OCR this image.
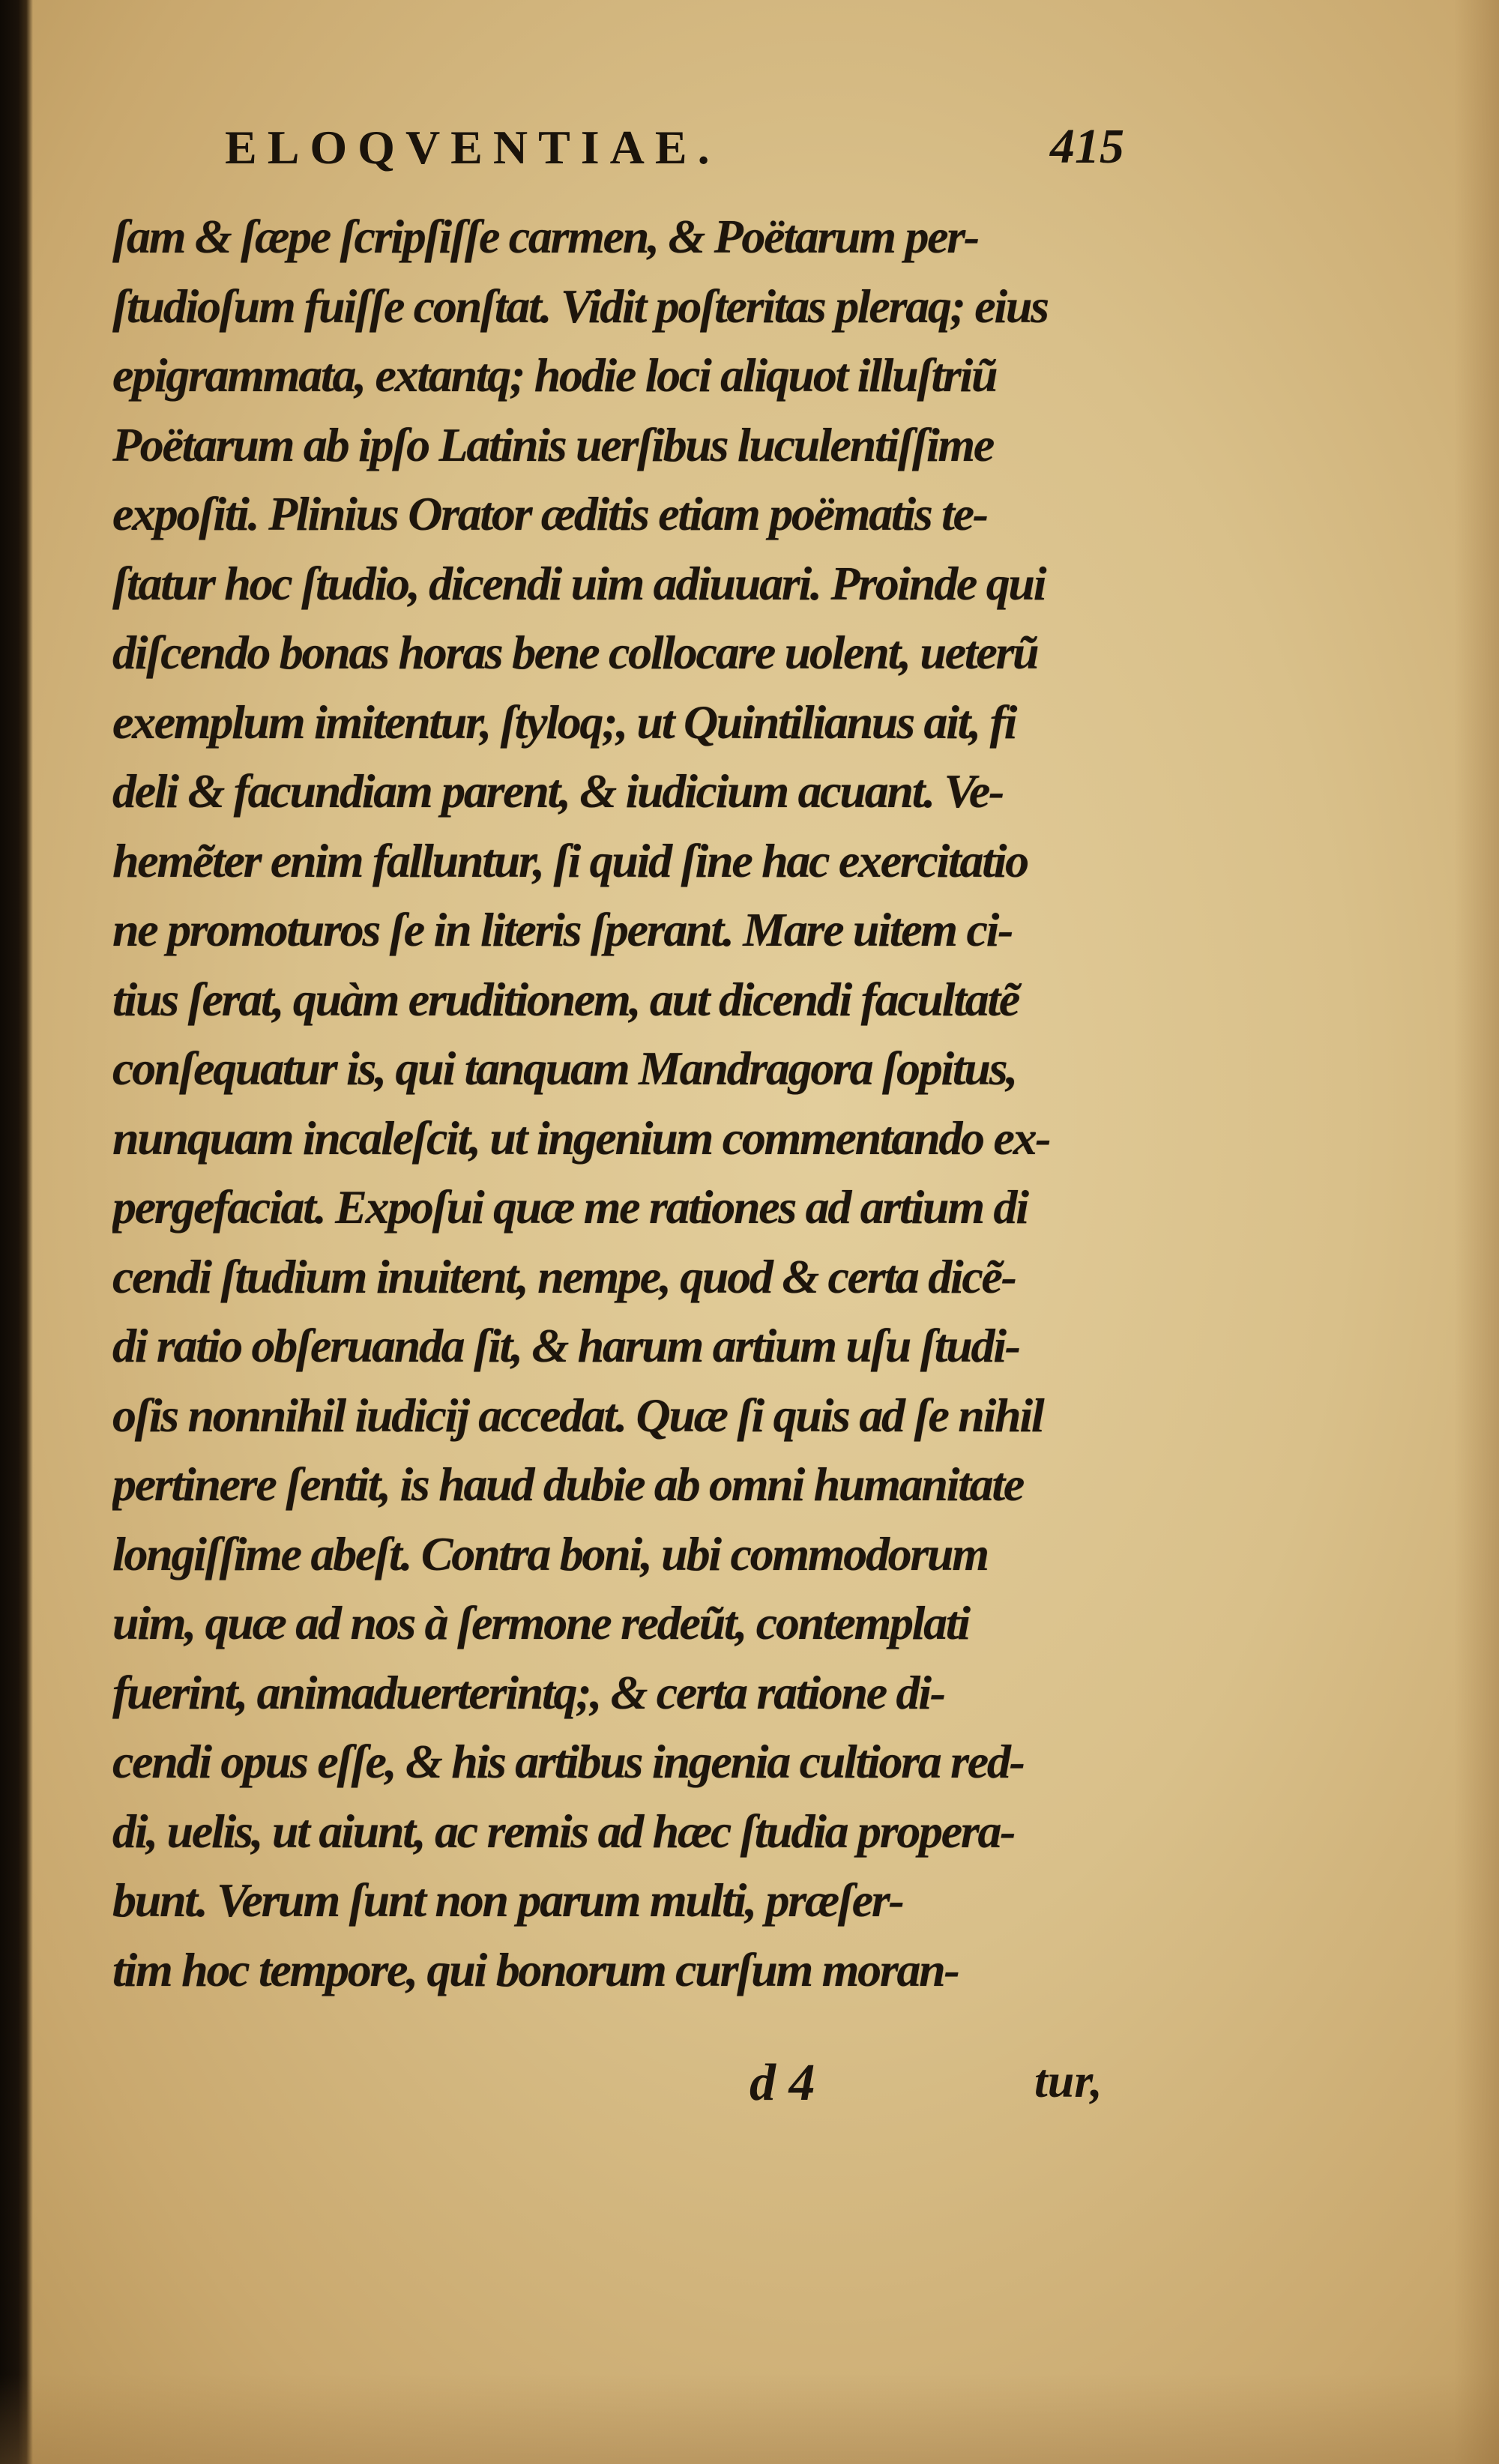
ELOQVENTIAE.	415
ſam & ſæpe ſcripſiſſe carmen, & Poëtarum per-
ſtudioſum fuiſſe conſtat. Vidit poſteritas pleraq; eius
epigrammata, extantq; hodie loci aliquot illuſtriũ
Poëtarum ab ipſo Latinis uerſibus luculentiſſime
expoſiti. Plinius Orator æditis etiam poëmatis te-
ſtatur hoc ſtudio, dicendi uim adiuuari. Proinde qui
diſcendo bonas horas bene collocare uolent, ueterũ
exemplum imitentur, ſtyloq;, ut Quintilianus ait, fi
deli & facundiam parent, & iudicium acuant. Ve-
hemẽter enim falluntur, ſi quid ſine hac exercitatio
ne promoturos ſe in literis ſperant. Mare uitem ci-
tius ſerat, quàm eruditionem, aut dicendi facultatẽ
conſequatur is, qui tanquam Mandragora ſopitus,
nunquam incaleſcit, ut ingenium commentando ex-
pergefaciat. Expoſui quæ me rationes ad artium di
cendi ſtudium inuitent, nempe, quod & certa dicẽ-
di ratio obſeruanda ſit, & harum artium uſu ſtudi-
oſis nonnihil iudicij accedat. Quæ ſi quis ad ſe nihil
pertinere ſentit, is haud dubie ab omni humanitate
longiſſime abeſt. Contra boni, ubi commodorum
uim, quæ ad nos à ſermone redeũt, contemplati
fuerint, animaduerterintq;, & certa ratione di-
cendi opus eſſe, & his artibus ingenia cultiora red-
di, uelis, ut aiunt, ac remis ad hæc ſtudia propera-
bunt. Verum ſunt non parum multi, præſer-
tim hoc tempore, qui bonorum curſum moran-
d 4	tur,
